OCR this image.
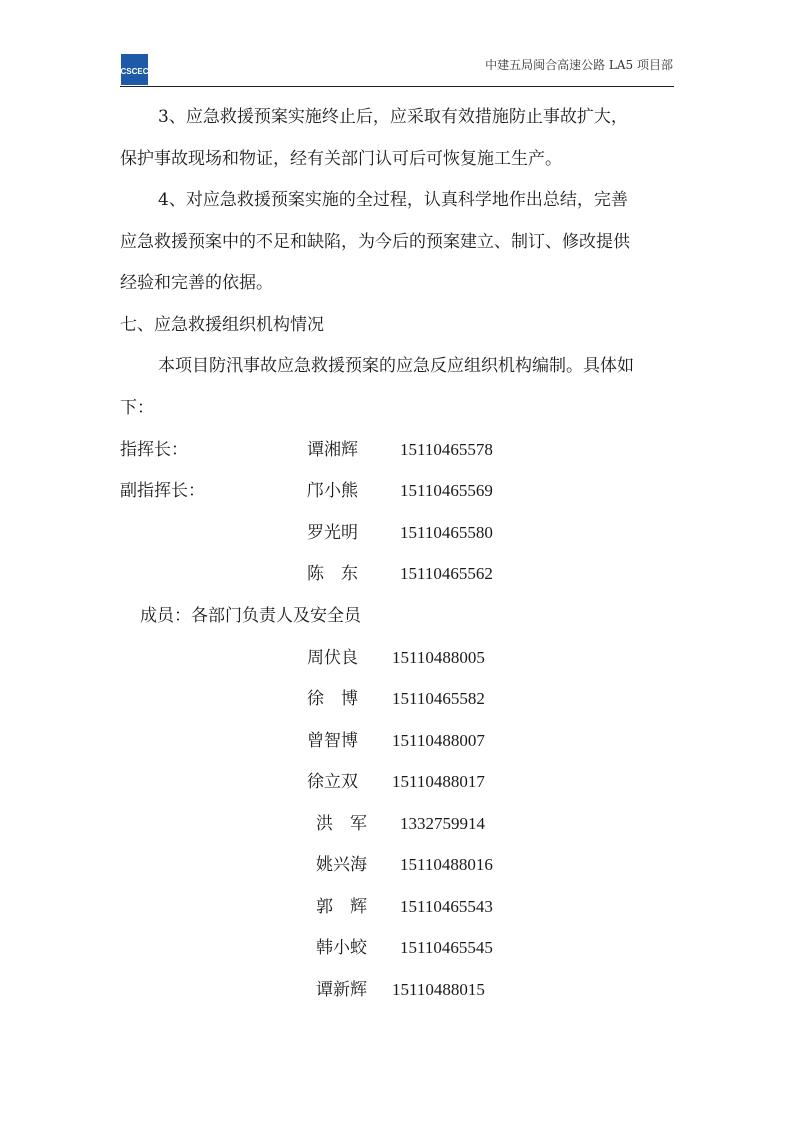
CSCEC	中建五局闽合高速公路 LA5 项目部
3、应急救援预案实施终止后，应采取有效措施防止事故扩大，
保护事故现场和物证，经有关部门认可后可恢复施工生产。
4、对应急救援预案实施的全过程，认真科学地作出总结，完善
应急救援预案中的不足和缺陷，为今后的预案建立、制订、修改提供
经验和完善的依据。
七、应急救援组织机构情况
本项目防汛事故应急救援预案的应急反应组织机构编制。具体如
下：
指挥长：	谭湘辉 15110465578
副指挥长：	邝小熊 15110465569
罗光明 15110465580
陈　东 15110465562
成员：各部门负责人及安全员
周伏良 15110488005
徐　博 15110465582
曾智博 15110488007
徐立双 15110488017
洪　军 1332759914
姚兴海 15110488016
郭　辉 15110465543
韩小蛟 15110465545
谭新辉 15110488015
